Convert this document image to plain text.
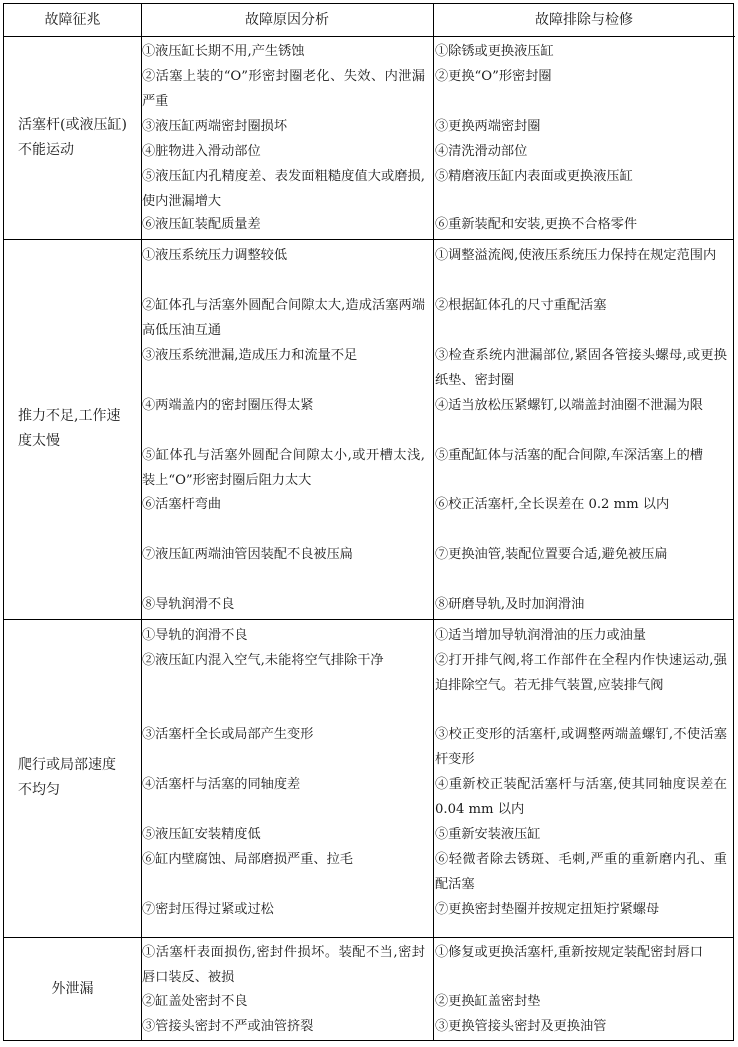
故障征兆	故障原因分析	故障排除与检修
活塞杆(或液压缸)不能运动
①液压缸长期不用,产生锈蚀
②活塞上装的“O”形密封圈老化、失效、内泄漏严重
③液压缸两端密封圈损坏
④脏物进入滑动部位
⑤液压缸内孔精度差、表发面粗糙度值大或磨损,使内泄漏增大
⑥液压缸装配质量差
①除锈或更换液压缸
②更换“O”形密封圈
③更换两端密封圈
④清洗滑动部位
⑤精磨液压缸内表面或更换液压缸
⑥重新装配和安装,更换不合格零件
推力不足,工作速度太慢
①液压系统压力调整较低
②缸体孔与活塞外圆配合间隙太大,造成活塞两端高低压油互通
③液压系统泄漏,造成压力和流量不足
④两端盖内的密封圈压得太紧
⑤缸体孔与活塞外圆配合间隙太小,或开槽太浅,装上“O”形密封圈后阻力太大
⑥活塞杆弯曲
⑦液压缸两端油管因装配不良被压扁
⑧导轨润滑不良
①调整溢流阀,使液压系统压力保持在规定范围内
②根据缸体孔的尺寸重配活塞
③检查系统内泄漏部位,紧固各管接头螺母,或更换纸垫、密封圈
④适当放松压紧螺钉,以端盖封油圈不泄漏为限
⑤重配缸体与活塞的配合间隙,车深活塞上的槽
⑥校正活塞杆,全长误差在 0.2 mm 以内
⑦更换油管,装配位置要合适,避免被压扁
⑧研磨导轨,及时加润滑油
爬行或局部速度不均匀
①导轨的润滑不良
②液压缸内混入空气,未能将空气排除干净
③活塞杆全长或局部产生变形
④活塞杆与活塞的同轴度差
⑤液压缸安装精度低
⑥缸内壁腐蚀、局部磨损严重、拉毛
⑦密封压得过紧或过松
①适当增加导轨润滑油的压力或油量
②打开排气阀,将工作部件在全程内作快速运动,强迫排除空气。若无排气装置,应装排气阀
③校正变形的活塞杆,或调整两端盖螺钉,不使活塞杆变形
④重新校正装配活塞杆与活塞,使其同轴度误差在 0.04 mm 以内
⑤重新安装液压缸
⑥轻微者除去锈斑、毛刺,严重的重新磨内孔、重配活塞
⑦更换密封垫圈并按规定扭矩拧紧螺母
外泄漏
①活塞杆表面损伤,密封件损坏。装配不当,密封唇口装反、被损
②缸盖处密封不良
③管接头密封不严或油管挤裂
①修复或更换活塞杆,重新按规定装配密封唇口
②更换缸盖密封垫
③更换管接头密封及更换油管
